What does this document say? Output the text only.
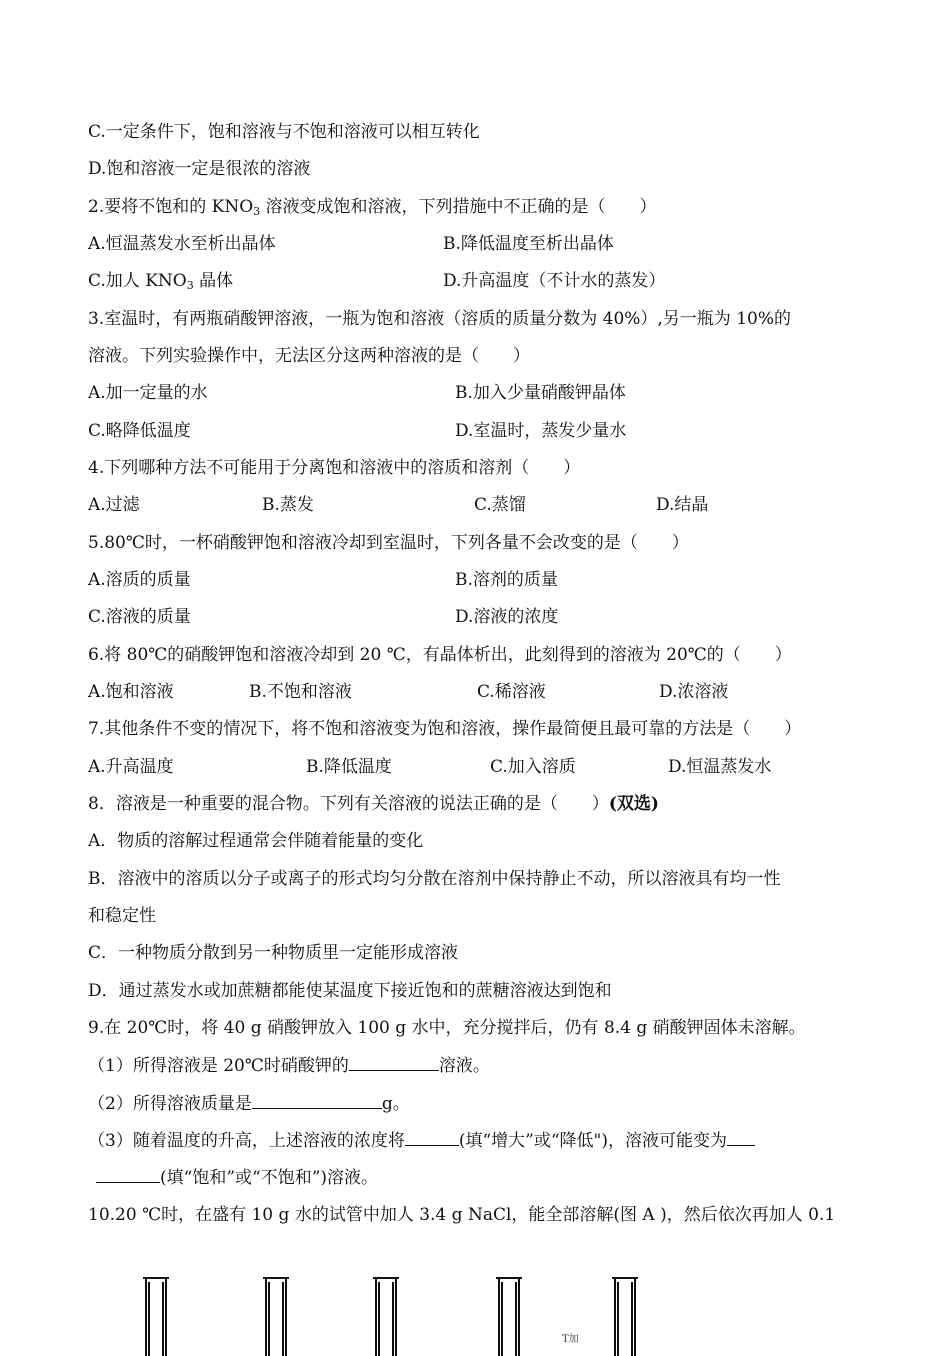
C.一定条件下，饱和溶液与不饱和溶液可以相互转化
D.饱和溶液一定是很浓的溶液
2.要将不饱和的 $KNO_3$ 溶液变成饱和溶液，下列措施中不正确的是（　　）
A.恒温蒸发水至析出晶体	B.降低温度至析出晶体
C.加人 $KNO_3$ 晶体	D.升高温度（不计水的蒸发）
3.室温时，有两瓶硝酸钾溶液，一瓶为饱和溶液（溶质的质量分数为 40%）,另一瓶为 10%的
溶液。下列实验操作中，无法区分这两种溶液的是（　　）
A.加一定量的水	B.加入少量硝酸钾晶体
C.略降低温度	D.室温时，蒸发少量水
4.下列哪种方法不可能用于分离饱和溶液中的溶质和溶剂（　　）
A.过滤	B.蒸发	C.蒸馏	D.结晶
5.80℃时，一杯硝酸钾饱和溶液冷却到室温时，下列各量不会改变的是（　　）
A.溶质的质量	B.溶剂的质量
C.溶液的质量	D.溶液的浓度
6.将 80℃的硝酸钾饱和溶液冷却到 20 ℃，有晶体析出，此刻得到的溶液为 20℃的（　　）
A.饱和溶液	B.不饱和溶液	C.稀溶液	D.浓溶液
7.其他条件不变的情况下，将不饱和溶液变为饱和溶液，操作最简便且最可靠的方法是（　　）
A.升高温度	B.降低温度	C.加入溶质	D.恒温蒸发水
8．溶液是一种重要的混合物。下列有关溶液的说法正确的是（　　）(双选)
A．物质的溶解过程通常会伴随着能量的变化
B．溶液中的溶质以分子或离子的形式均匀分散在溶剂中保持静止不动，所以溶液具有均一性
和稳定性
C．一种物质分散到另一种物质里一定能形成溶液
D．通过蒸发水或加蔗糖都能使某温度下接近饱和的蔗糖溶液达到饱和
9.在 20℃时，将 40 g 硝酸钾放入 100 g 水中，充分搅拌后，仍有 8.4 g 硝酸钾固体未溶解。
（1）所得溶液是 20℃时硝酸钾的	溶液。
（2）所得溶液质量是	g。
（3）随着温度的升高，上述溶液的浓度将	(填“增大”或“降低")，溶液可能变为
(填“饱和”或“不饱和”)溶液。
10.20 ℃时，在盛有 10 g 水的试管中加人 3.4 g NaCl，能全部溶解(图 A )，然后依次再加人 0.1
T加
